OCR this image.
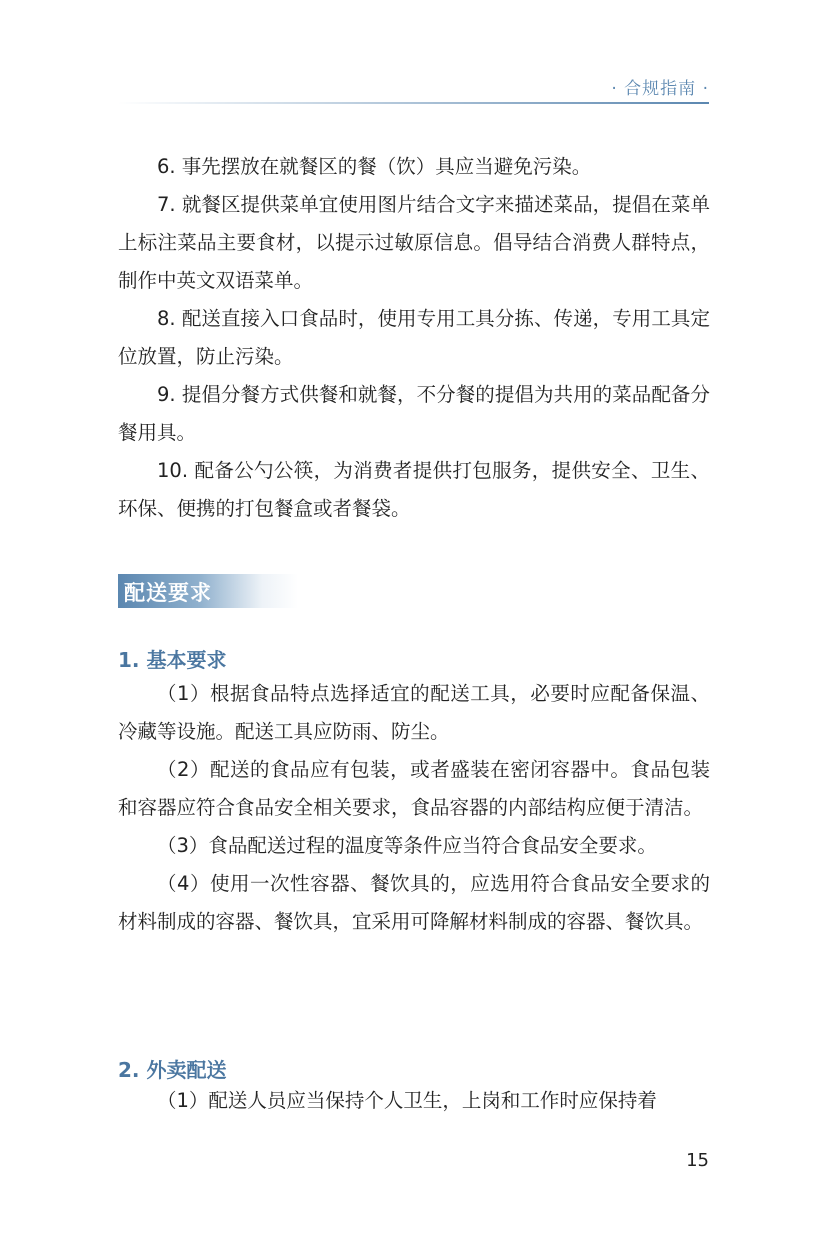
· 合规指南 ·

6. 事先摆放在就餐区的餐（饮）具应当避免污染。

7. 就餐区提供菜单宜使用图片结合文字来描述菜品，提倡在菜单上标注菜品主要食材，以提示过敏原信息。倡导结合消费人群特点，制作中英文双语菜单。

8. 配送直接入口食品时，使用专用工具分拣、传递，专用工具定位放置，防止污染。

9. 提倡分餐方式供餐和就餐，不分餐的提倡为共用的菜品配备分餐用具。

10. 配备公勺公筷，为消费者提供打包服务，提供安全、卫生、环保、便携的打包餐盒或者餐袋。

配送要求
1. 基本要求

（1）根据食品特点选择适宜的配送工具，必要时应配备保温、冷藏等设施。配送工具应防雨、防尘。

（2）配送的食品应有包装，或者盛装在密闭容器中。食品包装和容器应符合食品安全相关要求，食品容器的内部结构应便于清洁。

（3）食品配送过程的温度等条件应当符合食品安全要求。

（4）使用一次性容器、餐饮具的，应选用符合食品安全要求的材料制成的容器、餐饮具，宜采用可降解材料制成的容器、餐饮具。

2. 外卖配送

（1）配送人员应当保持个人卫生，上岗和工作时应保持着

15
